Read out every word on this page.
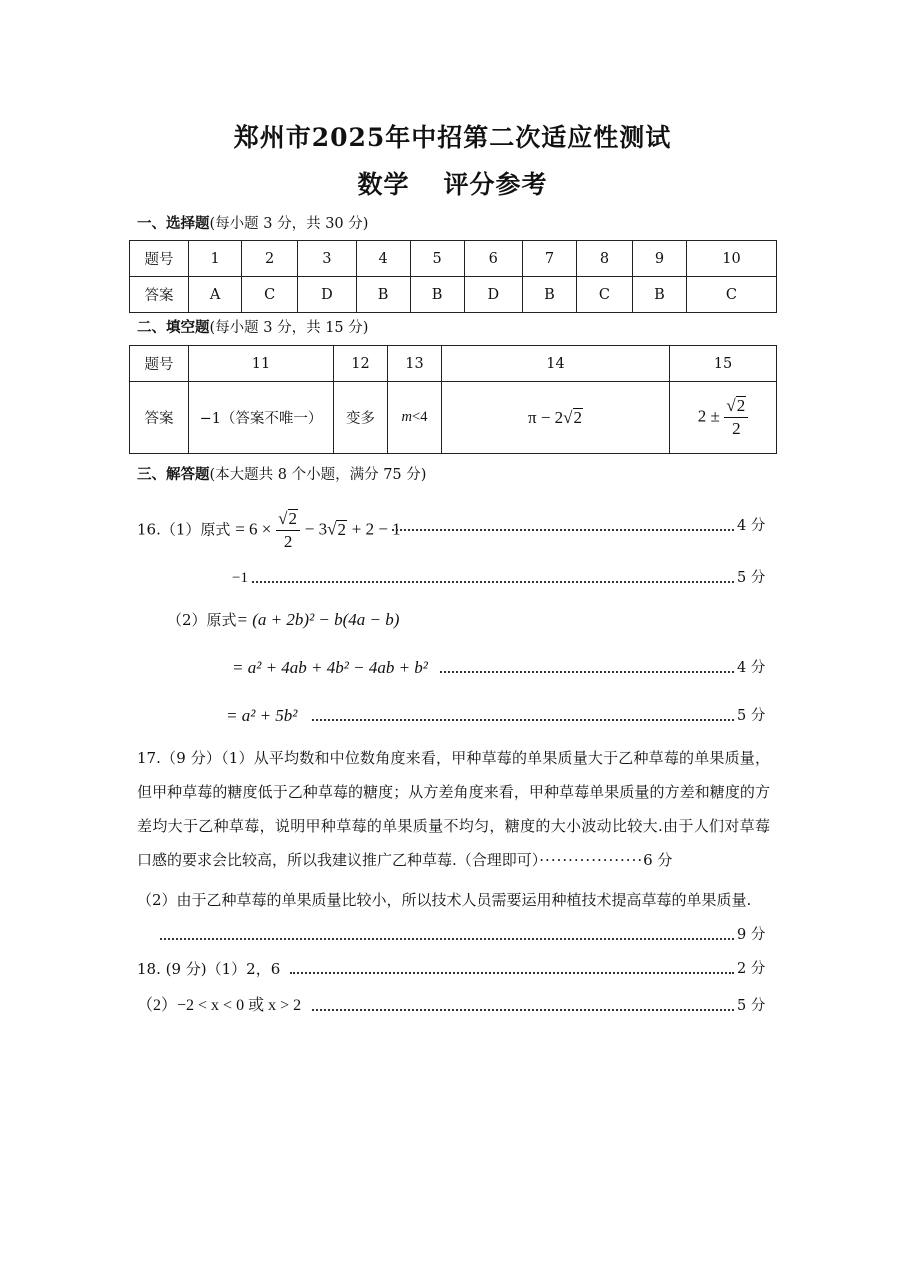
郑州市2025年中招第二次适应性测试
数学 评分参考
一、选择题(每小题 3 分，共 30 分)
题号	1	2	3	4	5	6	7	8	9	10
答案	A	C	D	B	B	D	B	C	B	C
二、填空题(每小题 3 分，共 15 分)
题号	11	12	13	14	15
答案	−1（答案不唯一）	变多	m<4	π − 2√2	$2 \pm \frac{√2}{2}$
三、解答题(本大题共 8 个小题，满分 75 分)
16.（1）原式 = $6 \times \frac{√2}{2} - 3√2 + 2 - 1$	4 分
−1	5 分
（2）原式= (a + 2b)² − b(4a − b)
= a² + 4ab + 4b² − 4ab + b²	4 分
= a² + 5b²	5 分
17.（9 分）（1）从平均数和中位数角度来看，甲种草莓的单果质量大于乙种草莓的单果质量，但甲种草莓的糖度低于乙种草莓的糖度；从方差角度来看，甲种草莓单果质量的方差和糖度的方差均大于乙种草莓，说明甲种草莓的单果质量不均匀，糖度的大小波动比较大.由于人们对草莓口感的要求会比较高，所以我建议推广乙种草莓.（合理即可）··················6 分
（2）由于乙种草莓的单果质量比较小，所以技术人员需要运用种植技术提高草莓的单果质量.
9 分
18. (9 分)（1）2，6	2 分
（2）−2 < x < 0 或 x > 2	5 分
